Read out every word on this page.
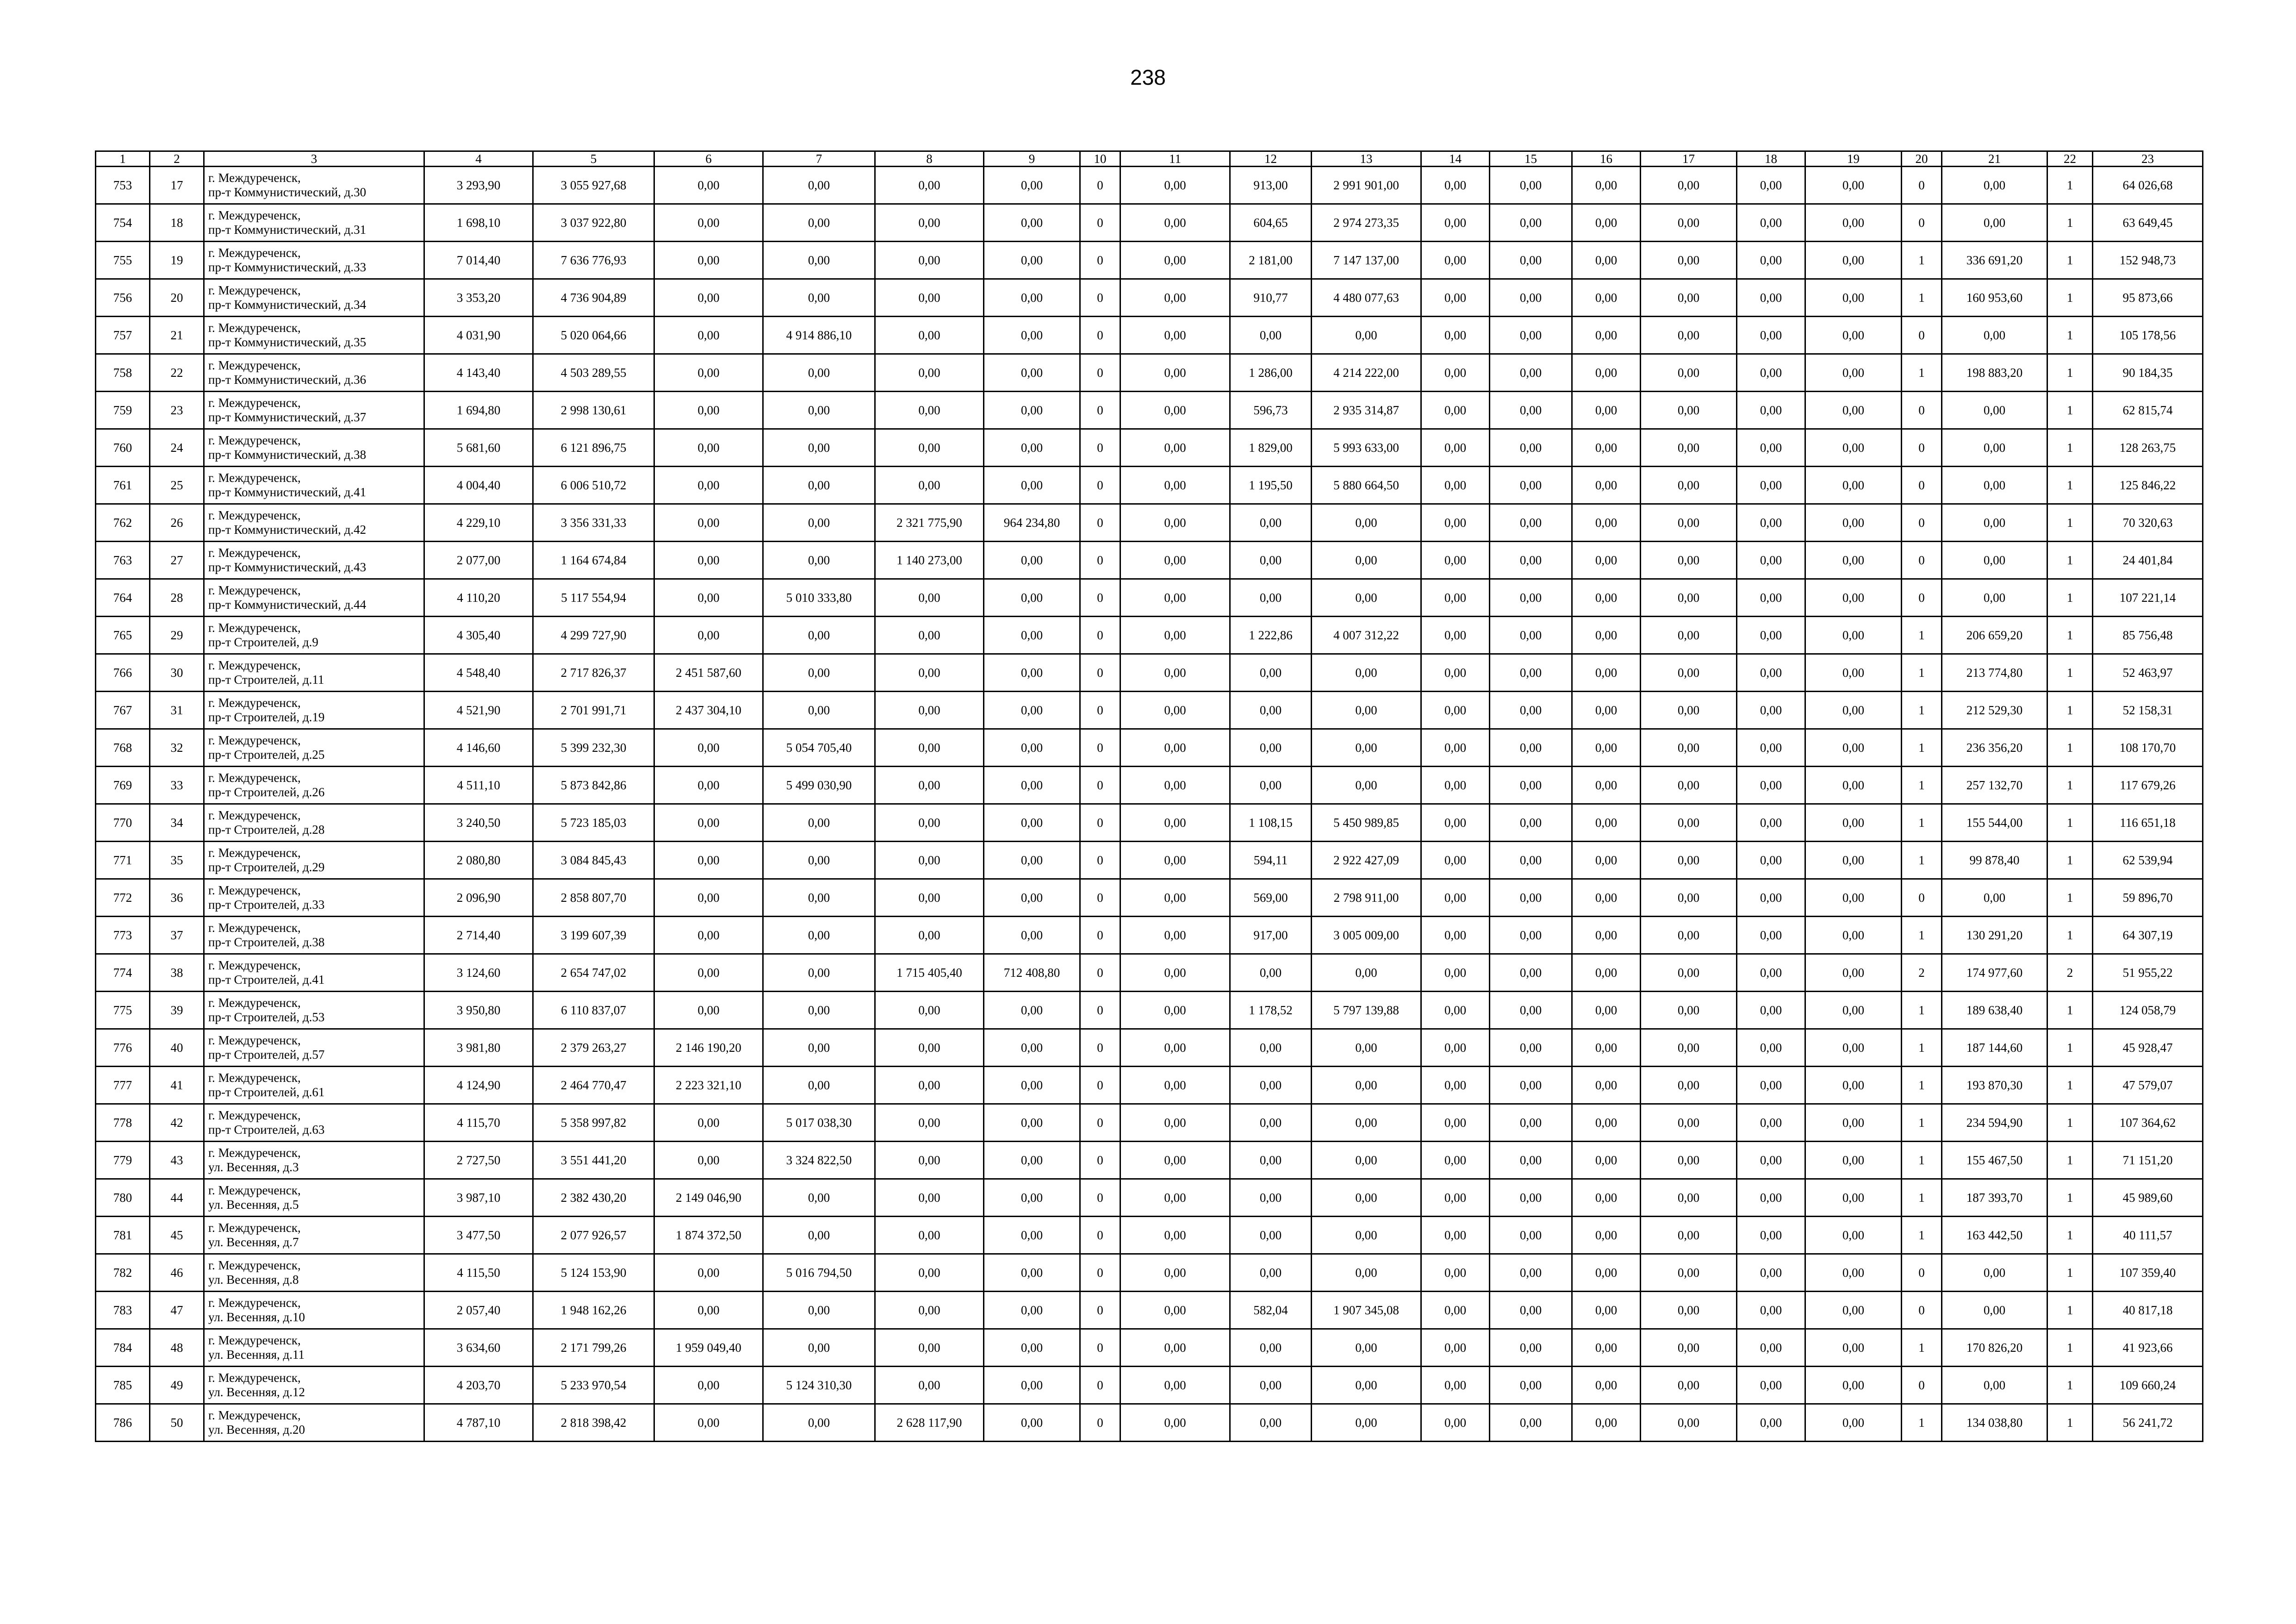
238
1	2	3	4	5	6	7	8	9	10	11	12	13	14	15	16	17	18	19	20	21	22	23
753	17	г. Междуреченск,
пр-т Коммунистический, д.30	3 293,90	3 055 927,68	0,00	0,00	0,00	0,00	0	0,00	913,00	2 991 901,00	0,00	0,00	0,00	0,00	0,00	0,00	0	0,00	1	64 026,68
754	18	г. Междуреченск,
пр-т Коммунистический, д.31	1 698,10	3 037 922,80	0,00	0,00	0,00	0,00	0	0,00	604,65	2 974 273,35	0,00	0,00	0,00	0,00	0,00	0,00	0	0,00	1	63 649,45
755	19	г. Междуреченск,
пр-т Коммунистический, д.33	7 014,40	7 636 776,93	0,00	0,00	0,00	0,00	0	0,00	2 181,00	7 147 137,00	0,00	0,00	0,00	0,00	0,00	0,00	1	336 691,20	1	152 948,73
756	20	г. Междуреченск,
пр-т Коммунистический, д.34	3 353,20	4 736 904,89	0,00	0,00	0,00	0,00	0	0,00	910,77	4 480 077,63	0,00	0,00	0,00	0,00	0,00	0,00	1	160 953,60	1	95 873,66
757	21	г. Междуреченск,
пр-т Коммунистический, д.35	4 031,90	5 020 064,66	0,00	4 914 886,10	0,00	0,00	0	0,00	0,00	0,00	0,00	0,00	0,00	0,00	0,00	0,00	0	0,00	1	105 178,56
758	22	г. Междуреченск,
пр-т Коммунистический, д.36	4 143,40	4 503 289,55	0,00	0,00	0,00	0,00	0	0,00	1 286,00	4 214 222,00	0,00	0,00	0,00	0,00	0,00	0,00	1	198 883,20	1	90 184,35
759	23	г. Междуреченск,
пр-т Коммунистический, д.37	1 694,80	2 998 130,61	0,00	0,00	0,00	0,00	0	0,00	596,73	2 935 314,87	0,00	0,00	0,00	0,00	0,00	0,00	0	0,00	1	62 815,74
760	24	г. Междуреченск,
пр-т Коммунистический, д.38	5 681,60	6 121 896,75	0,00	0,00	0,00	0,00	0	0,00	1 829,00	5 993 633,00	0,00	0,00	0,00	0,00	0,00	0,00	0	0,00	1	128 263,75
761	25	г. Междуреченск,
пр-т Коммунистический, д.41	4 004,40	6 006 510,72	0,00	0,00	0,00	0,00	0	0,00	1 195,50	5 880 664,50	0,00	0,00	0,00	0,00	0,00	0,00	0	0,00	1	125 846,22
762	26	г. Междуреченск,
пр-т Коммунистический, д.42	4 229,10	3 356 331,33	0,00	0,00	2 321 775,90	964 234,80	0	0,00	0,00	0,00	0,00	0,00	0,00	0,00	0,00	0,00	0	0,00	1	70 320,63
763	27	г. Междуреченск,
пр-т Коммунистический, д.43	2 077,00	1 164 674,84	0,00	0,00	1 140 273,00	0,00	0	0,00	0,00	0,00	0,00	0,00	0,00	0,00	0,00	0,00	0	0,00	1	24 401,84
764	28	г. Междуреченск,
пр-т Коммунистический, д.44	4 110,20	5 117 554,94	0,00	5 010 333,80	0,00	0,00	0	0,00	0,00	0,00	0,00	0,00	0,00	0,00	0,00	0,00	0	0,00	1	107 221,14
765	29	г. Междуреченск,
пр-т Строителей, д.9	4 305,40	4 299 727,90	0,00	0,00	0,00	0,00	0	0,00	1 222,86	4 007 312,22	0,00	0,00	0,00	0,00	0,00	0,00	1	206 659,20	1	85 756,48
766	30	г. Междуреченск,
пр-т Строителей, д.11	4 548,40	2 717 826,37	2 451 587,60	0,00	0,00	0,00	0	0,00	0,00	0,00	0,00	0,00	0,00	0,00	0,00	0,00	1	213 774,80	1	52 463,97
767	31	г. Междуреченск,
пр-т Строителей, д.19	4 521,90	2 701 991,71	2 437 304,10	0,00	0,00	0,00	0	0,00	0,00	0,00	0,00	0,00	0,00	0,00	0,00	0,00	1	212 529,30	1	52 158,31
768	32	г. Междуреченск,
пр-т Строителей, д.25	4 146,60	5 399 232,30	0,00	5 054 705,40	0,00	0,00	0	0,00	0,00	0,00	0,00	0,00	0,00	0,00	0,00	0,00	1	236 356,20	1	108 170,70
769	33	г. Междуреченск,
пр-т Строителей, д.26	4 511,10	5 873 842,86	0,00	5 499 030,90	0,00	0,00	0	0,00	0,00	0,00	0,00	0,00	0,00	0,00	0,00	0,00	1	257 132,70	1	117 679,26
770	34	г. Междуреченск,
пр-т Строителей, д.28	3 240,50	5 723 185,03	0,00	0,00	0,00	0,00	0	0,00	1 108,15	5 450 989,85	0,00	0,00	0,00	0,00	0,00	0,00	1	155 544,00	1	116 651,18
771	35	г. Междуреченск,
пр-т Строителей, д.29	2 080,80	3 084 845,43	0,00	0,00	0,00	0,00	0	0,00	594,11	2 922 427,09	0,00	0,00	0,00	0,00	0,00	0,00	1	99 878,40	1	62 539,94
772	36	г. Междуреченск,
пр-т Строителей, д.33	2 096,90	2 858 807,70	0,00	0,00	0,00	0,00	0	0,00	569,00	2 798 911,00	0,00	0,00	0,00	0,00	0,00	0,00	0	0,00	1	59 896,70
773	37	г. Междуреченск,
пр-т Строителей, д.38	2 714,40	3 199 607,39	0,00	0,00	0,00	0,00	0	0,00	917,00	3 005 009,00	0,00	0,00	0,00	0,00	0,00	0,00	1	130 291,20	1	64 307,19
774	38	г. Междуреченск,
пр-т Строителей, д.41	3 124,60	2 654 747,02	0,00	0,00	1 715 405,40	712 408,80	0	0,00	0,00	0,00	0,00	0,00	0,00	0,00	0,00	0,00	2	174 977,60	2	51 955,22
775	39	г. Междуреченск,
пр-т Строителей, д.53	3 950,80	6 110 837,07	0,00	0,00	0,00	0,00	0	0,00	1 178,52	5 797 139,88	0,00	0,00	0,00	0,00	0,00	0,00	1	189 638,40	1	124 058,79
776	40	г. Междуреченск,
пр-т Строителей, д.57	3 981,80	2 379 263,27	2 146 190,20	0,00	0,00	0,00	0	0,00	0,00	0,00	0,00	0,00	0,00	0,00	0,00	0,00	1	187 144,60	1	45 928,47
777	41	г. Междуреченск,
пр-т Строителей, д.61	4 124,90	2 464 770,47	2 223 321,10	0,00	0,00	0,00	0	0,00	0,00	0,00	0,00	0,00	0,00	0,00	0,00	0,00	1	193 870,30	1	47 579,07
778	42	г. Междуреченск,
пр-т Строителей, д.63	4 115,70	5 358 997,82	0,00	5 017 038,30	0,00	0,00	0	0,00	0,00	0,00	0,00	0,00	0,00	0,00	0,00	0,00	1	234 594,90	1	107 364,62
779	43	г. Междуреченск,
ул. Весенняя, д.3	2 727,50	3 551 441,20	0,00	3 324 822,50	0,00	0,00	0	0,00	0,00	0,00	0,00	0,00	0,00	0,00	0,00	0,00	1	155 467,50	1	71 151,20
780	44	г. Междуреченск,
ул. Весенняя, д.5	3 987,10	2 382 430,20	2 149 046,90	0,00	0,00	0,00	0	0,00	0,00	0,00	0,00	0,00	0,00	0,00	0,00	0,00	1	187 393,70	1	45 989,60
781	45	г. Междуреченск,
ул. Весенняя, д.7	3 477,50	2 077 926,57	1 874 372,50	0,00	0,00	0,00	0	0,00	0,00	0,00	0,00	0,00	0,00	0,00	0,00	0,00	1	163 442,50	1	40 111,57
782	46	г. Междуреченск,
ул. Весенняя, д.8	4 115,50	5 124 153,90	0,00	5 016 794,50	0,00	0,00	0	0,00	0,00	0,00	0,00	0,00	0,00	0,00	0,00	0,00	0	0,00	1	107 359,40
783	47	г. Междуреченск,
ул. Весенняя, д.10	2 057,40	1 948 162,26	0,00	0,00	0,00	0,00	0	0,00	582,04	1 907 345,08	0,00	0,00	0,00	0,00	0,00	0,00	0	0,00	1	40 817,18
784	48	г. Междуреченск,
ул. Весенняя, д.11	3 634,60	2 171 799,26	1 959 049,40	0,00	0,00	0,00	0	0,00	0,00	0,00	0,00	0,00	0,00	0,00	0,00	0,00	1	170 826,20	1	41 923,66
785	49	г. Междуреченск,
ул. Весенняя, д.12	4 203,70	5 233 970,54	0,00	5 124 310,30	0,00	0,00	0	0,00	0,00	0,00	0,00	0,00	0,00	0,00	0,00	0,00	0	0,00	1	109 660,24
786	50	г. Междуреченск,
ул. Весенняя, д.20	4 787,10	2 818 398,42	0,00	0,00	2 628 117,90	0,00	0	0,00	0,00	0,00	0,00	0,00	0,00	0,00	0,00	0,00	1	134 038,80	1	56 241,72
